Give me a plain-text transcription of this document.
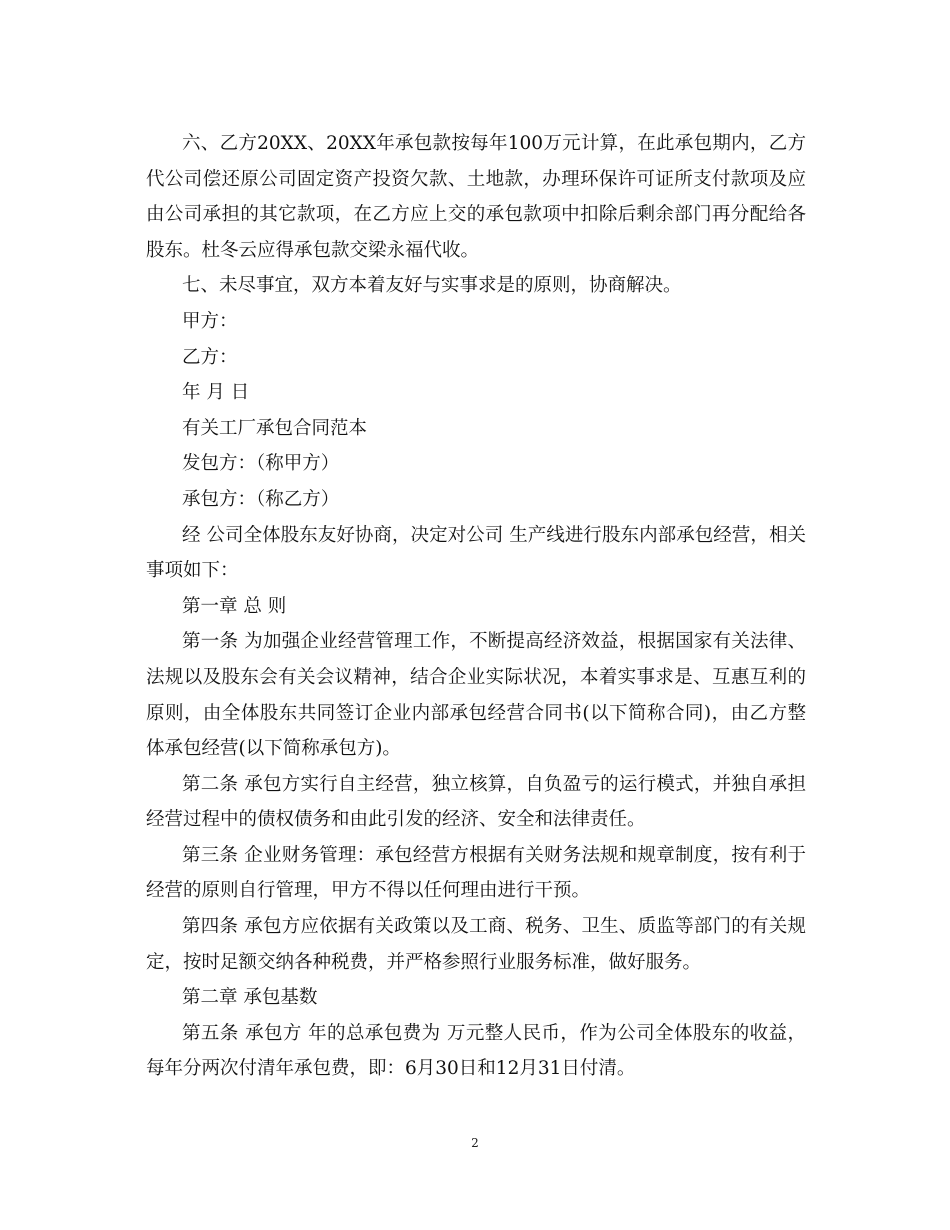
六、乙方20XX、20XX年承包款按每年100万元计算，在此承包期内，乙方代公司偿还原公司固定资产投资欠款、土地款，办理环保许可证所支付款项及应由公司承担的其它款项，在乙方应上交的承包款项中扣除后剩余部门再分配给各股东。杜冬云应得承包款交梁永福代收。

七、未尽事宜，双方本着友好与实事求是的原则，协商解决。

甲方：

乙方：

年 月 日

有关工厂承包合同范本

发包方：（称甲方）

承包方：（称乙方）

经 公司全体股东友好协商，决定对公司 生产线进行股东内部承包经营，相关事项如下：

第一章 总 则

第一条 为加强企业经营管理工作，不断提高经济效益，根据国家有关法律、法规以及股东会有关会议精神，结合企业实际状况，本着实事求是、互惠互利的原则，由全体股东共同签订企业内部承包经营合同书(以下简称合同)，由乙方整体承包经营(以下简称承包方)。

第二条 承包方实行自主经营，独立核算，自负盈亏的运行模式，并独自承担经营过程中的债权债务和由此引发的经济、安全和法律责任。

第三条 企业财务管理：承包经营方根据有关财务法规和规章制度，按有利于经营的原则自行管理，甲方不得以任何理由进行干预。

第四条 承包方应依据有关政策以及工商、税务、卫生、质监等部门的有关规定，按时足额交纳各种税费，并严格参照行业服务标准，做好服务。

第二章 承包基数

第五条 承包方 年的总承包费为 万元整人民币，作为公司全体股东的收益，每年分两次付清年承包费，即：6月30日和12月31日付清。

2
